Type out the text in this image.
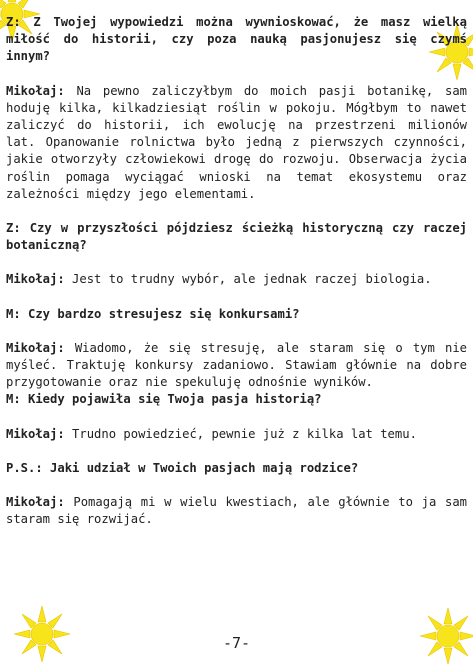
Z: Z Twojej wypowiedzi można wywnioskować, że masz wielką miłość do historii, czy poza nauką pasjonujesz się czymś innym?

Mikołaj: Na pewno zaliczyłbym do moich pasji botanikę, sam hoduję kilka, kilkadziesiąt roślin w pokoju. Mógłbym to nawet zaliczyć do historii, ich ewolucję na przestrzeni milionów lat. Opanowanie rolnictwa było jedną z pierwszych czynności, jakie otworzyły człowiekowi drogę do rozwoju. Obserwacja życia roślin pomaga wyciągać wnioski na temat ekosystemu oraz zależności między jego elementami.

Z: Czy w przyszłości pójdziesz ścieżką historyczną czy raczej botaniczną?

Mikołaj: Jest to trudny wybór, ale jednak raczej biologia.

M: Czy bardzo stresujesz się konkursami?

Mikołaj: Wiadomo, że się stresuję, ale staram się o tym nie myśleć. Traktuję konkursy zadaniowo. Stawiam głównie na dobre przygotowanie oraz nie spekuluję odnośnie wyników.

M: Kiedy pojawiła się Twoja pasja historią?

Mikołaj: Trudno powiedzieć, pewnie już z kilka lat temu.

P.S.: Jaki udział w Twoich pasjach mają rodzice?

Mikołaj: Pomagają mi w wielu kwestiach, ale głównie to ja sam staram się rozwijać.

-7-
